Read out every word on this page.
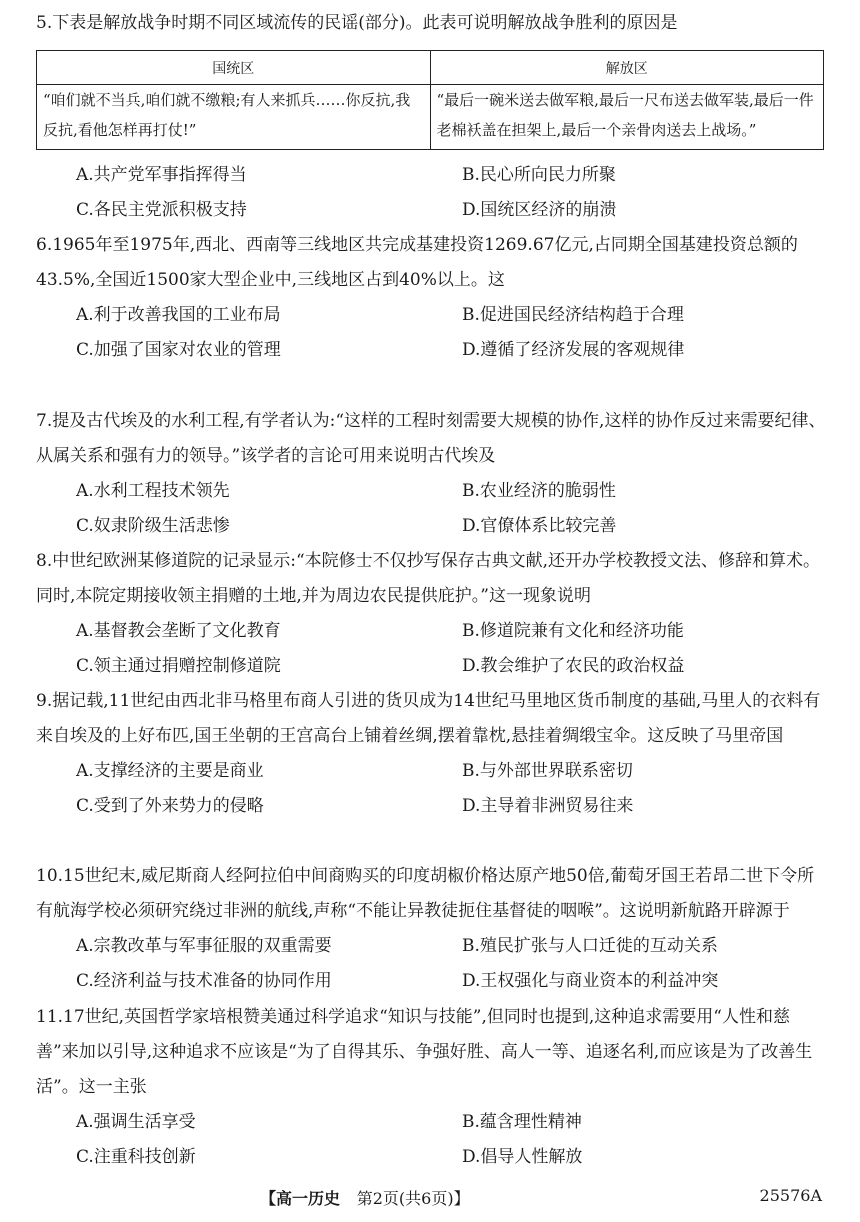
5.下表是解放战争时期不同区域流传的民谣(部分)。此表可说明解放战争胜利的原因是

国统区	解放区
“咱们就不当兵,咱们就不缴粮;有人来抓兵……你反抗,我反抗,看他怎样再打仗!”	“最后一碗米送去做军粮,最后一尺布送去做军装,最后一件老棉袄盖在担架上,最后一个亲骨肉送去上战场。”
A.共产党军事指挥得当	B.民心所向民力所聚
C.各民主党派积极支持	D.国统区经济的崩溃

6.1965年至1975年,西北、西南等三线地区共完成基建投资1269.67亿元,占同期全国基建投资总额的43.5%,全国近1500家大型企业中,三线地区占到40%以上。这

A.利于改善我国的工业布局	B.促进国民经济结构趋于合理
C.加强了国家对农业的管理	D.遵循了经济发展的客观规律

7.提及古代埃及的水利工程,有学者认为:“这样的工程时刻需要大规模的协作,这样的协作反过来需要纪律、从属关系和强有力的领导。”该学者的言论可用来说明古代埃及

A.水利工程技术领先	B.农业经济的脆弱性
C.奴隶阶级生活悲惨	D.官僚体系比较完善

8.中世纪欧洲某修道院的记录显示:“本院修士不仅抄写保存古典文献,还开办学校教授文法、修辞和算术。同时,本院定期接收领主捐赠的土地,并为周边农民提供庇护。”这一现象说明

A.基督教会垄断了文化教育	B.修道院兼有文化和经济功能
C.领主通过捐赠控制修道院	D.教会维护了农民的政治权益

9.据记载,11世纪由西北非马格里布商人引进的货贝成为14世纪马里地区货币制度的基础,马里人的衣料有来自埃及的上好布匹,国王坐朝的王宫高台上铺着丝绸,摆着靠枕,悬挂着绸缎宝伞。这反映了马里帝国

A.支撑经济的主要是商业	B.与外部世界联系密切
C.受到了外来势力的侵略	D.主导着非洲贸易往来

10.15世纪末,威尼斯商人经阿拉伯中间商购买的印度胡椒价格达原产地50倍,葡萄牙国王若昂二世下令所有航海学校必须研究绕过非洲的航线,声称“不能让异教徒扼住基督徒的咽喉”。这说明新航路开辟源于

A.宗教改革与军事征服的双重需要	B.殖民扩张与人口迁徙的互动关系
C.经济利益与技术准备的协同作用	D.王权强化与商业资本的利益冲突

11.17世纪,英国哲学家培根赞美通过科学追求“知识与技能”,但同时也提到,这种追求需要用“人性和慈善”来加以引导,这种追求不应该是“为了自得其乐、争强好胜、高人一等、追逐名利,而应该是为了改善生活”。这一主张

A.强调生活享受	B.蕴含理性精神
C.注重科技创新	D.倡导人性解放
【高一历史 第2页(共6页)】	25576A
